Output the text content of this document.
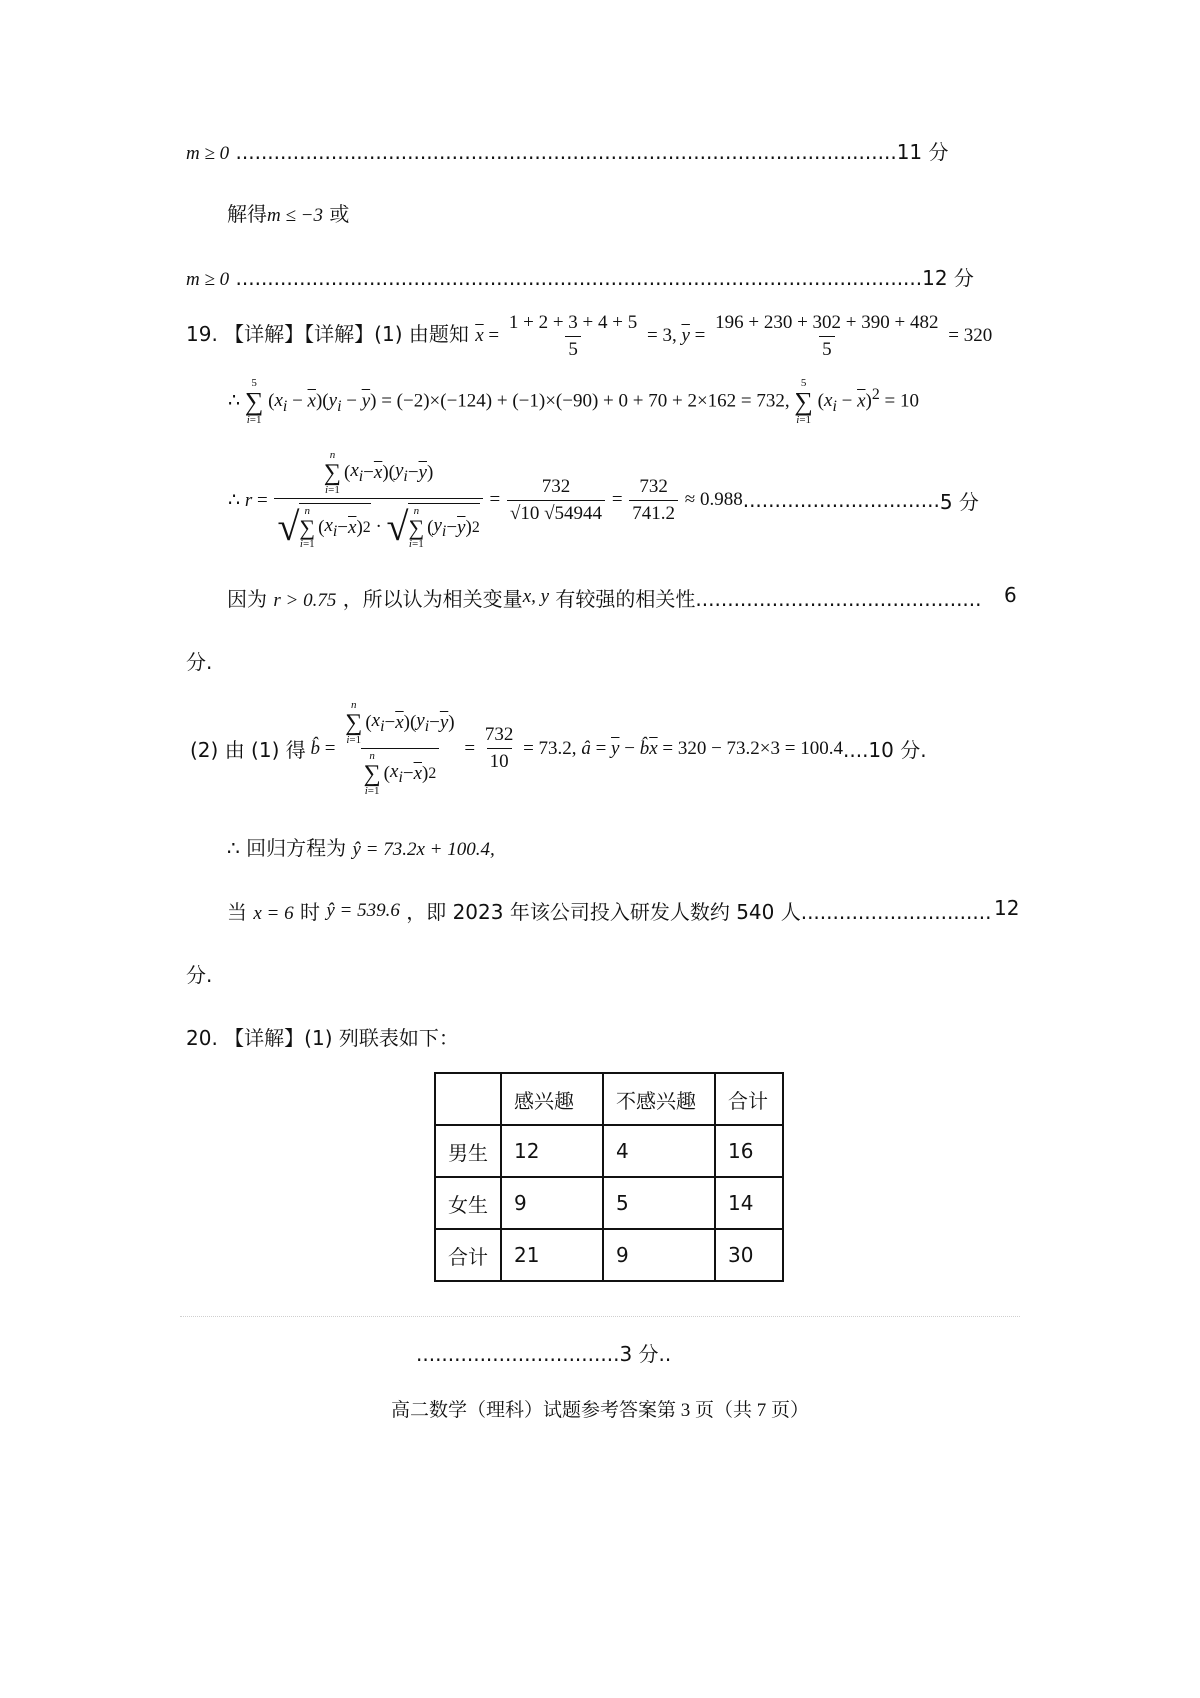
m ≥ 0 ........................................................................................................11 分
解得m ≤ −3 或
m ≥ 0 ............................................................................................................12 分
19. 【详解】【详解】(1) 由题知 $\overline{x} = \frac{1 + 2 + 3 + 4 + 5}{5} = 3$, $\overline{y} = \frac{196 + 230 + 302 + 390 + 482}{5} = 320$
∴
5
∑
i=1
$(x_i - \overline{x})(y_i - \overline{y}) = (-2)\times(-124) + (-1)\times(-90) + 0 + 70 + 2\times 162 = 732$,
5
∑
i=1
$(x_i - \overline{x})^2 = 10$
∴ r =
n
∑
i=1
( $x_i - \overline{x}$ )( $y_i - \overline{y}$ )
√ n
∑
i=1
( $x_i - \overline{x}$ ) 2 · √ n
∑
i=1
( $y_i - \overline{y}$ ) 2
= $\frac{732}{√10 √54944} = \frac{732}{741.2}$
≈ 0.988 ............................... 5 分
因为 r > 0.75 ，所以认为相关变量x, y 有较强的相关性............................................. 6
分.
(2) 由 (1) 得
b̂ =
n
∑
i=1
( $x_i - \overline{x}$ )( $y_i - \overline{y}$ )
n
∑
i=1
( $x_i - \overline{x}$ ) 2
= $\frac{732}{10}$
= 73.2,
â = $\overline{y}$ − b̂ $\overline{x}$
= 320 − 73.2×3 = 100.4 ....10 分.
∴ 回归方程为 ŷ = 73.2x + 100.4,
当 x = 6 时 ŷ = 539.6 ，即 2023 年该公司投入研发人数约 540 人.............................. 12
分.
20. 【详解】(1) 列联表如下：
	感兴趣	不感兴趣	合计
男生	12	4	16
女生	9	5	14
合计	21	9	30
................................3 分..
高二数学（理科）试题参考答案第 3 页（共 7 页）
